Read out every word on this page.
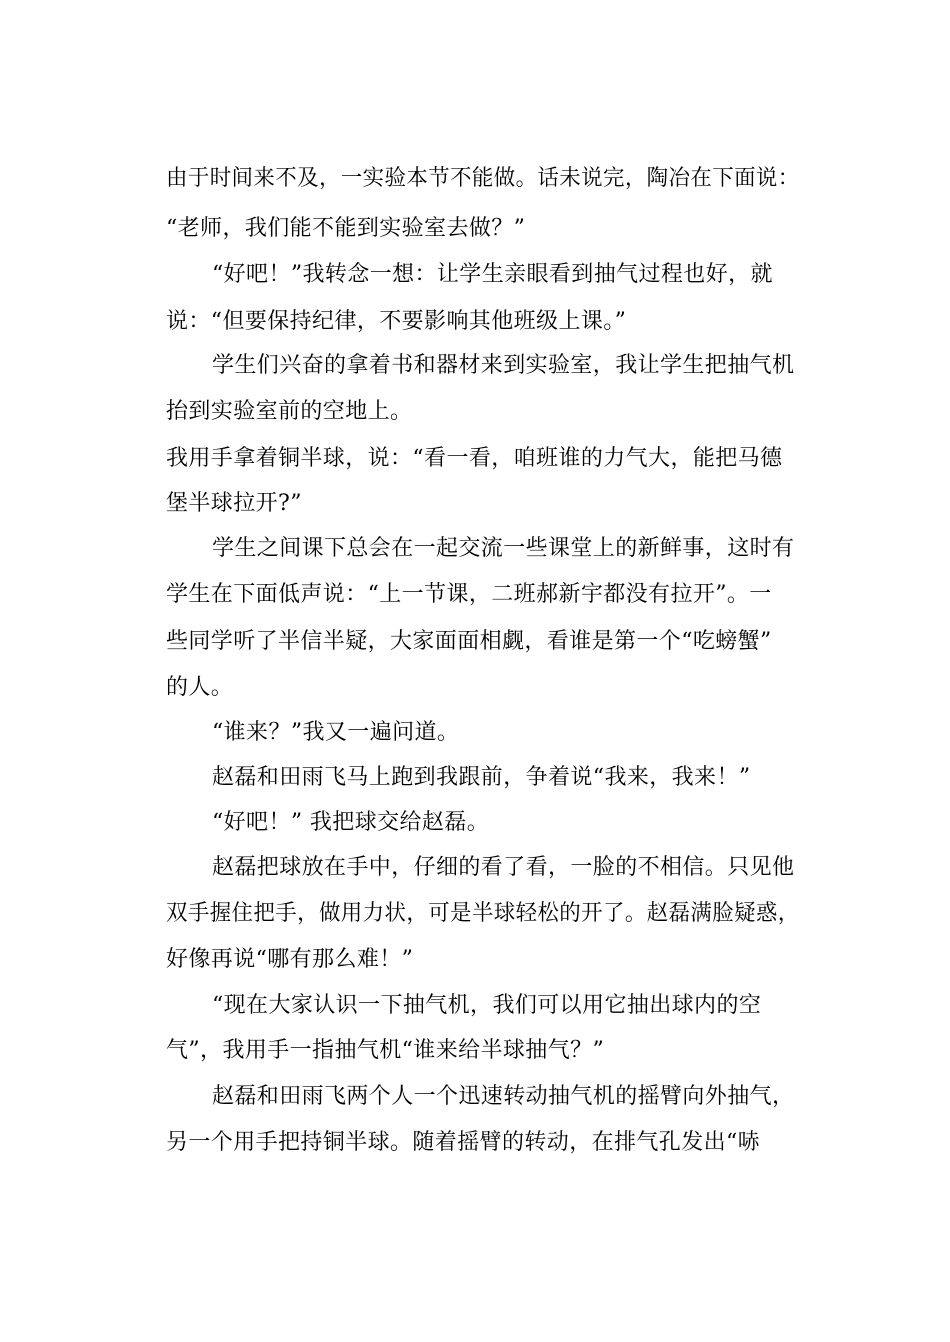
由于时间来不及，一实验本节不能做。话未说完，陶冶在下面说：
“老师，我们能不能到实验室去做？”
“好吧！”我转念一想：让学生亲眼看到抽气过程也好，就
说：“但要保持纪律，不要影响其他班级上课。”
学生们兴奋的拿着书和器材来到实验室，我让学生把抽气机
抬到实验室前的空地上。
我用手拿着铜半球，说：“看一看，咱班谁的力气大，能把马德
堡半球拉开?”
学生之间课下总会在一起交流一些课堂上的新鲜事，这时有
学生在下面低声说：“上一节课，二班郝新宇都没有拉开”。一
些同学听了半信半疑，大家面面相觑，看谁是第一个“吃螃蟹”
的人。
“谁来？”我又一遍问道。
赵磊和田雨飞马上跑到我跟前，争着说“我来，我来！”
“好吧！” 我把球交给赵磊。
赵磊把球放在手中，仔细的看了看，一脸的不相信。只见他
双手握住把手，做用力状，可是半球轻松的开了。赵磊满脸疑惑，
好像再说“哪有那么难！”
“现在大家认识一下抽气机，我们可以用它抽出球内的空
气”，我用手一指抽气机“谁来给半球抽气？”
赵磊和田雨飞两个人一个迅速转动抽气机的摇臂向外抽气，
另一个用手把持铜半球。随着摇臂的转动，在排气孔发出“哧
